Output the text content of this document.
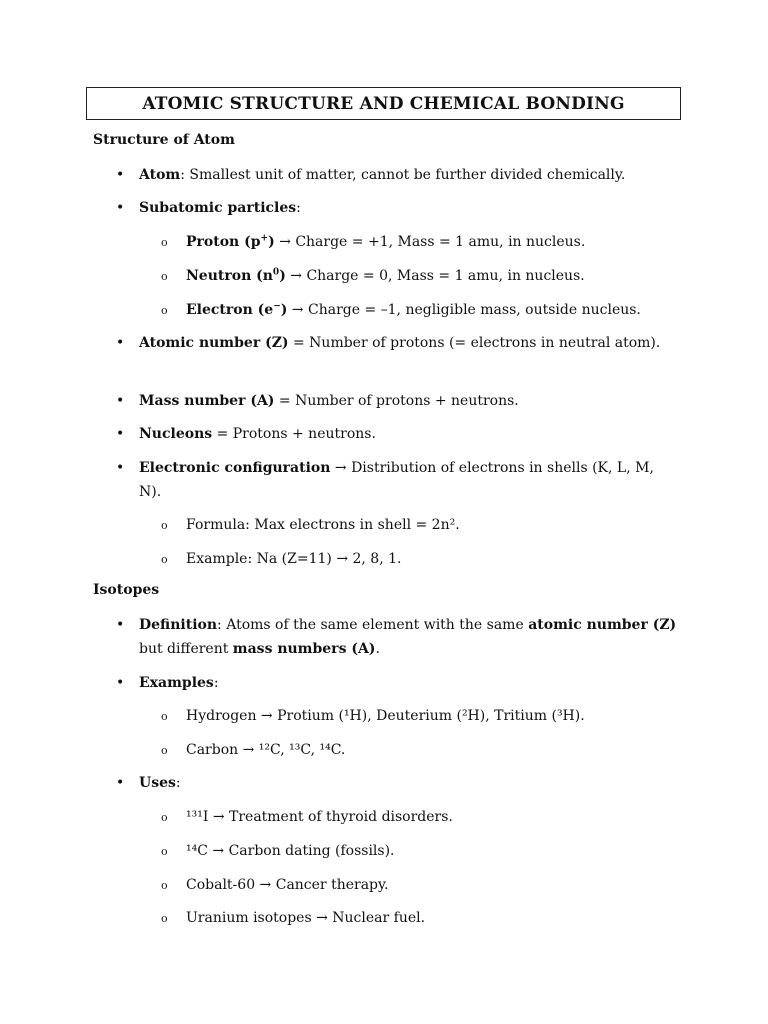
ATOMIC STRUCTURE AND CHEMICAL BONDING
Structure of Atom
• Atom: Smallest unit of matter, cannot be further divided chemically.
• Subatomic particles:
o Proton (p+) → Charge = +1, Mass = 1 amu, in nucleus.
o Neutron $(n^0)$ → Charge = 0, Mass = 1 amu, in nucleus.
o Electron (e−) → Charge = –1, negligible mass, outside nucleus.
• Atomic number (Z) = Number of protons (= electrons in neutral atom).
• Mass number (A) = Number of protons + neutrons.
• Nucleons = Protons + neutrons.
• Electronic configuration → Distribution of electrons in shells (K, L, M, N).
o Formula: Max electrons in shell = 2n².
o Example: Na (Z=11) → 2, 8, 1.
Isotopes
• Definition: Atoms of the same element with the same atomic number (Z) but different mass numbers (A).
• Examples:
o Hydrogen → Protium (¹H), Deuterium (²H), Tritium (³H).
o Carbon → ¹²C, ¹³C, ¹⁴C.
• Uses:
o ¹³¹I → Treatment of thyroid disorders.
o ¹⁴C → Carbon dating (fossils).
o Cobalt-60 → Cancer therapy.
o Uranium isotopes → Nuclear fuel.
